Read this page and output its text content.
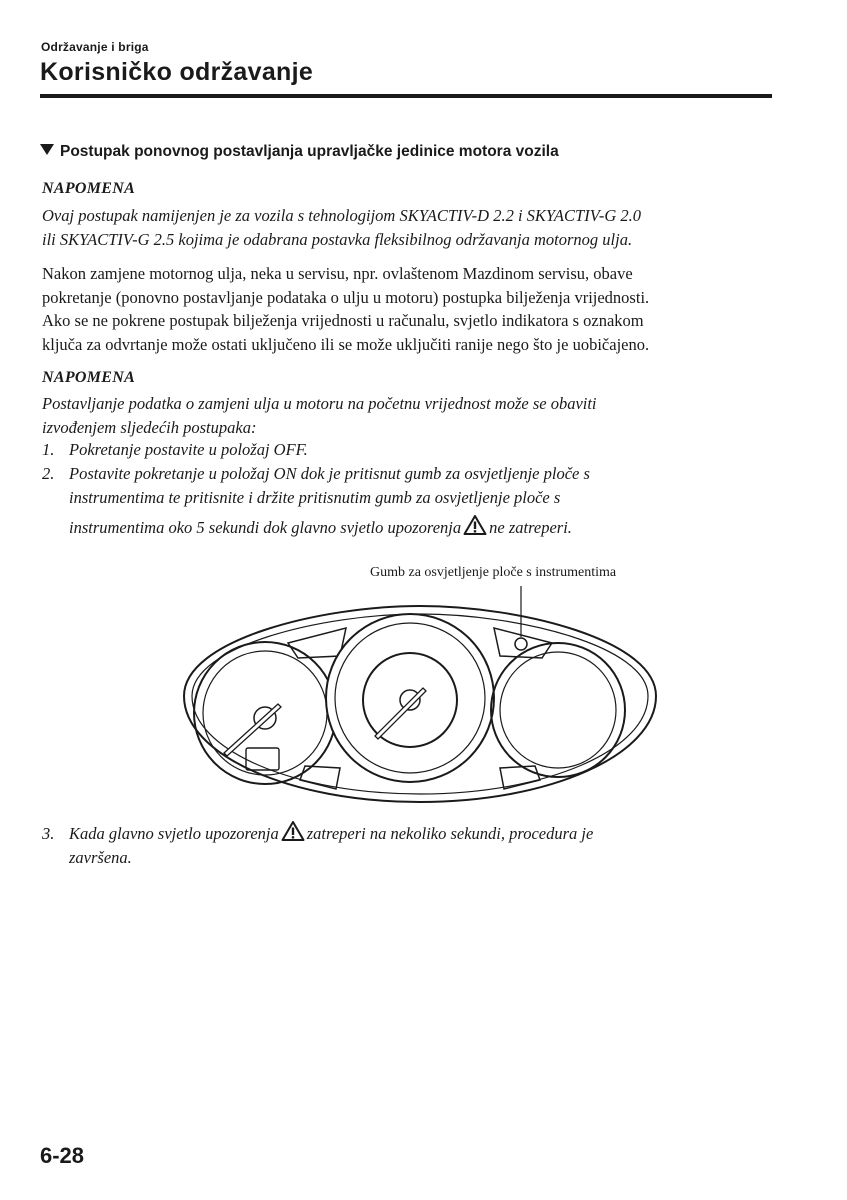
Održavanje i briga
Korisničko održavanje
Postupak ponovnog postavljanja upravljačke jedinice motora vozila
NAPOMENA
Ovaj postupak namijenjen je za vozila s tehnologijom SKYACTIV-D 2.2 i SKYACTIV-G 2.0
ili SKYACTIV-G 2.5 kojima je odabrana postavka fleksibilnog održavanja motornog ulja.
Nakon zamjene motornog ulja, neka u servisu, npr. ovlaštenom Mazdinom servisu, obave
pokretanje (ponovno postavljanje podataka o ulju u motoru) postupka bilježenja vrijednosti.
Ako se ne pokrene postupak bilježenja vrijednosti u računalu, svjetlo indikatora s oznakom
ključa za odvrtanje može ostati uključeno ili se može uključiti ranije nego što je uobičajeno.
NAPOMENA
Postavljanje podatka o zamjeni ulja u motoru na početnu vrijednost može se obaviti
izvođenjem sljedećih postupaka:
1. Pokretanje postavite u položaj OFF.
2. Postavite pokretanje u položaj ON dok je pritisnut gumb za osvjetljenje ploče s
instrumentima te pritisnite i držite pritisnutim gumb za osvjetljenje ploče s
instrumentima oko 5 sekundi dok glavno svjetlo upozorenja ne zatreperi.
Gumb za osvjetljenje ploče s instrumentima
3. Kada glavno svjetlo upozorenja zatreperi na nekoliko sekundi, procedura je
završena.
6-28
